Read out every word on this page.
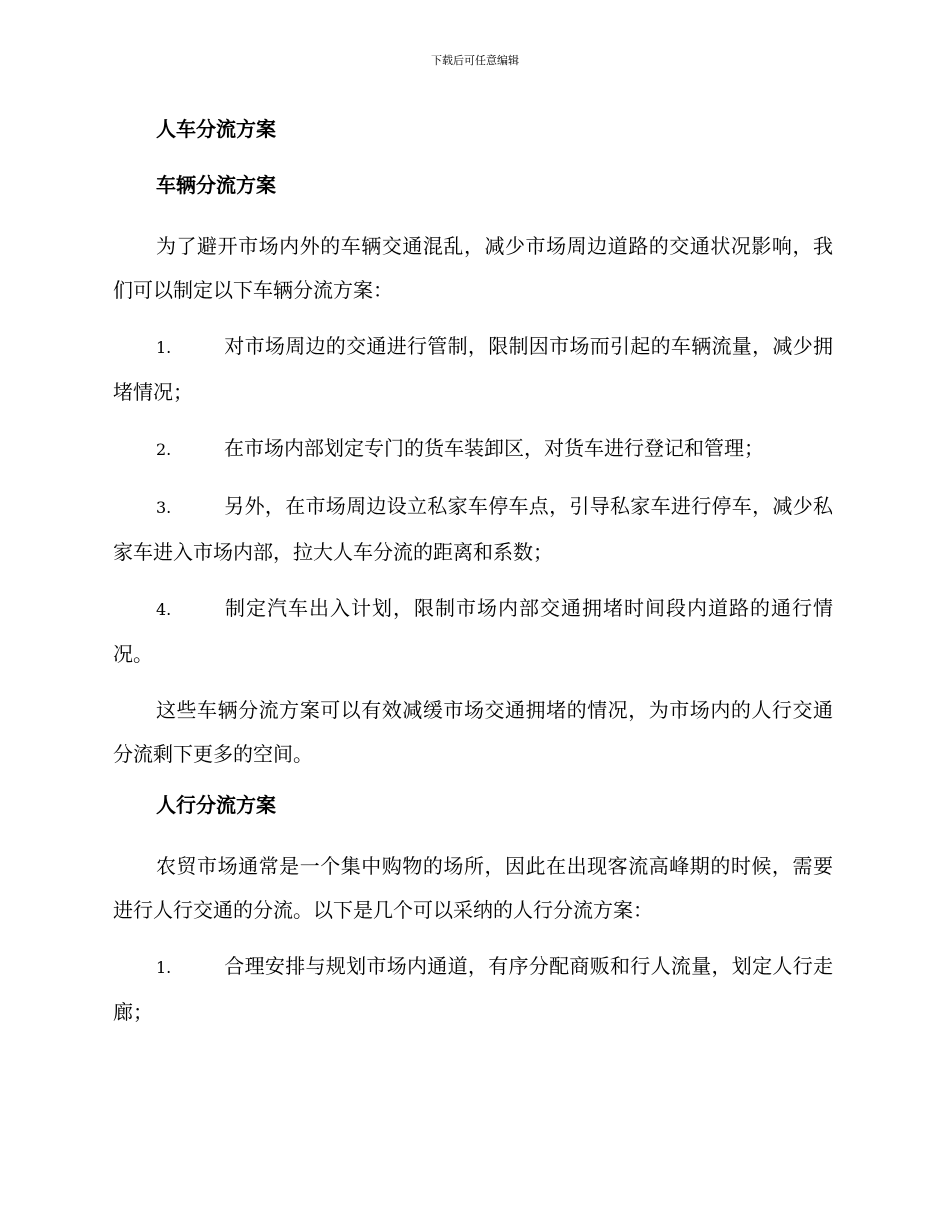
下载后可任意编辑
人车分流方案
车辆分流方案

为了避开市场内外的车辆交通混乱，减少市场周边道路的交通状况影响，我们可以制定以下车辆分流方案：

1.	对市场周边的交通进行管制，限制因市场而引起的车辆流量，减少拥堵情况；

2.	在市场内部划定专门的货车装卸区，对货车进行登记和管理；

3.	另外，在市场周边设立私家车停车点，引导私家车进行停车，减少私家车进入市场内部，拉大人车分流的距离和系数；

4.	制定汽车出入计划，限制市场内部交通拥堵时间段内道路的通行情况。

这些车辆分流方案可以有效减缓市场交通拥堵的情况，为市场内的人行交通分流剩下更多的空间。

人行分流方案

农贸市场通常是一个集中购物的场所，因此在出现客流高峰期的时候，需要进行人行交通的分流。以下是几个可以采纳的人行分流方案：

1.	合理安排与规划市场内通道，有序分配商贩和行人流量，划定人行走廊；
